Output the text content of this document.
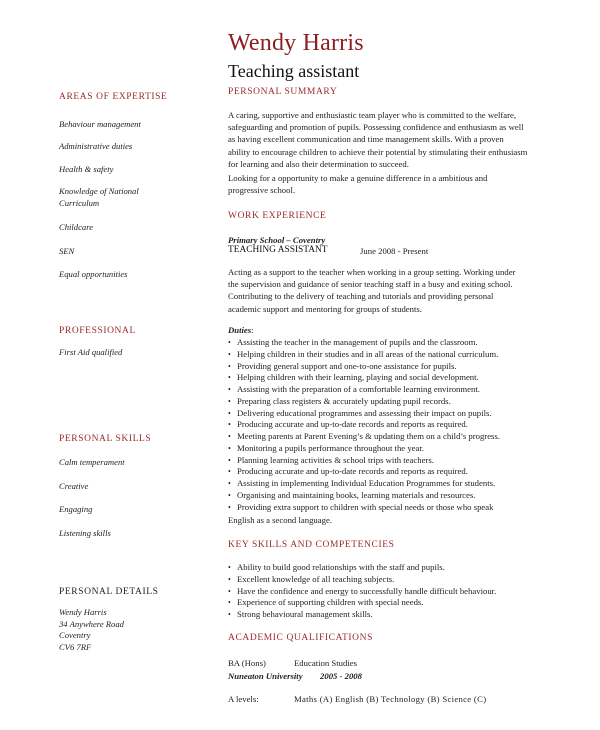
Wendy Harris
Teaching assistant
AREAS OF EXPERTISE
Behaviour management
Administrative duties
Health & safety
Knowledge of National Curriculum
Childcare
SEN
Equal opportunities
PROFESSIONAL
First Aid qualified
PERSONAL SKILLS
Calm temperament
Creative
Engaging
Listening skills
PERSONAL DETAILS
Wendy Harris
34 Anywhere Road
Coventry
CV6 7RF
PERSONAL SUMMARY
A caring, supportive and enthusiastic team player who is committed to the welfare, safeguarding and promotion of pupils. Possessing confidence and enthusiasm as well as having excellent communication and time management skills. With a proven ability to encourage children to achieve their potential by stimulating their enthusiasm for learning and also their determination to succeed.
Looking for a opportunity to make a genuine difference in a ambitious and progressive school.
WORK EXPERIENCE
Primary School – Coventry
TEACHING ASSISTANT	June 2008 - Present
Acting as a support to the teacher when working in a group setting. Working under the supervision and guidance of senior teaching staff in a busy and exiting school. Contributing to the delivery of teaching and tutorials and providing personal academic support and mentoring for groups of students.
Duties:
• Assisting the teacher in the management of pupils and the classroom.
• Helping children in their studies and in all areas of the national curriculum.
• Providing general support and one-to-one assistance for pupils.
• Helping children with their learning, playing and social development.
• Assisting with the preparation of a comfortable learning environment.
• Preparing class registers & accurately updating pupil records.
• Delivering educational programmes and assessing their impact on pupils.
• Producing accurate and up-to-date records and reports as required.
• Meeting parents at Parent Evening’s & updating them on a child’s progress.
• Monitoring a pupils performance throughout the year.
• Planning learning activities & school trips with teachers.
• Producing accurate and up-to-date records and reports as required.
• Assisting in implementing Individual Education Programmes for students.
• Organising and maintaining books, learning materials and resources.
• Providing extra support to children with special needs or those who speak
English as a second language.
KEY SKILLS AND COMPETENCIES
• Ability to build good relationships with the staff and pupils.
• Excellent knowledge of all teaching subjects.
• Have the confidence and energy to successfully handle difficult behaviour.
• Experience of supporting children with special needs.
• Strong behavioural management skills.
ACADEMIC QUALIFICATIONS
BA (Hons)	Education Studies
Nuneaton University 2005 - 2008
A levels:	Maths (A) English (B) Technology (B) Science (C)
